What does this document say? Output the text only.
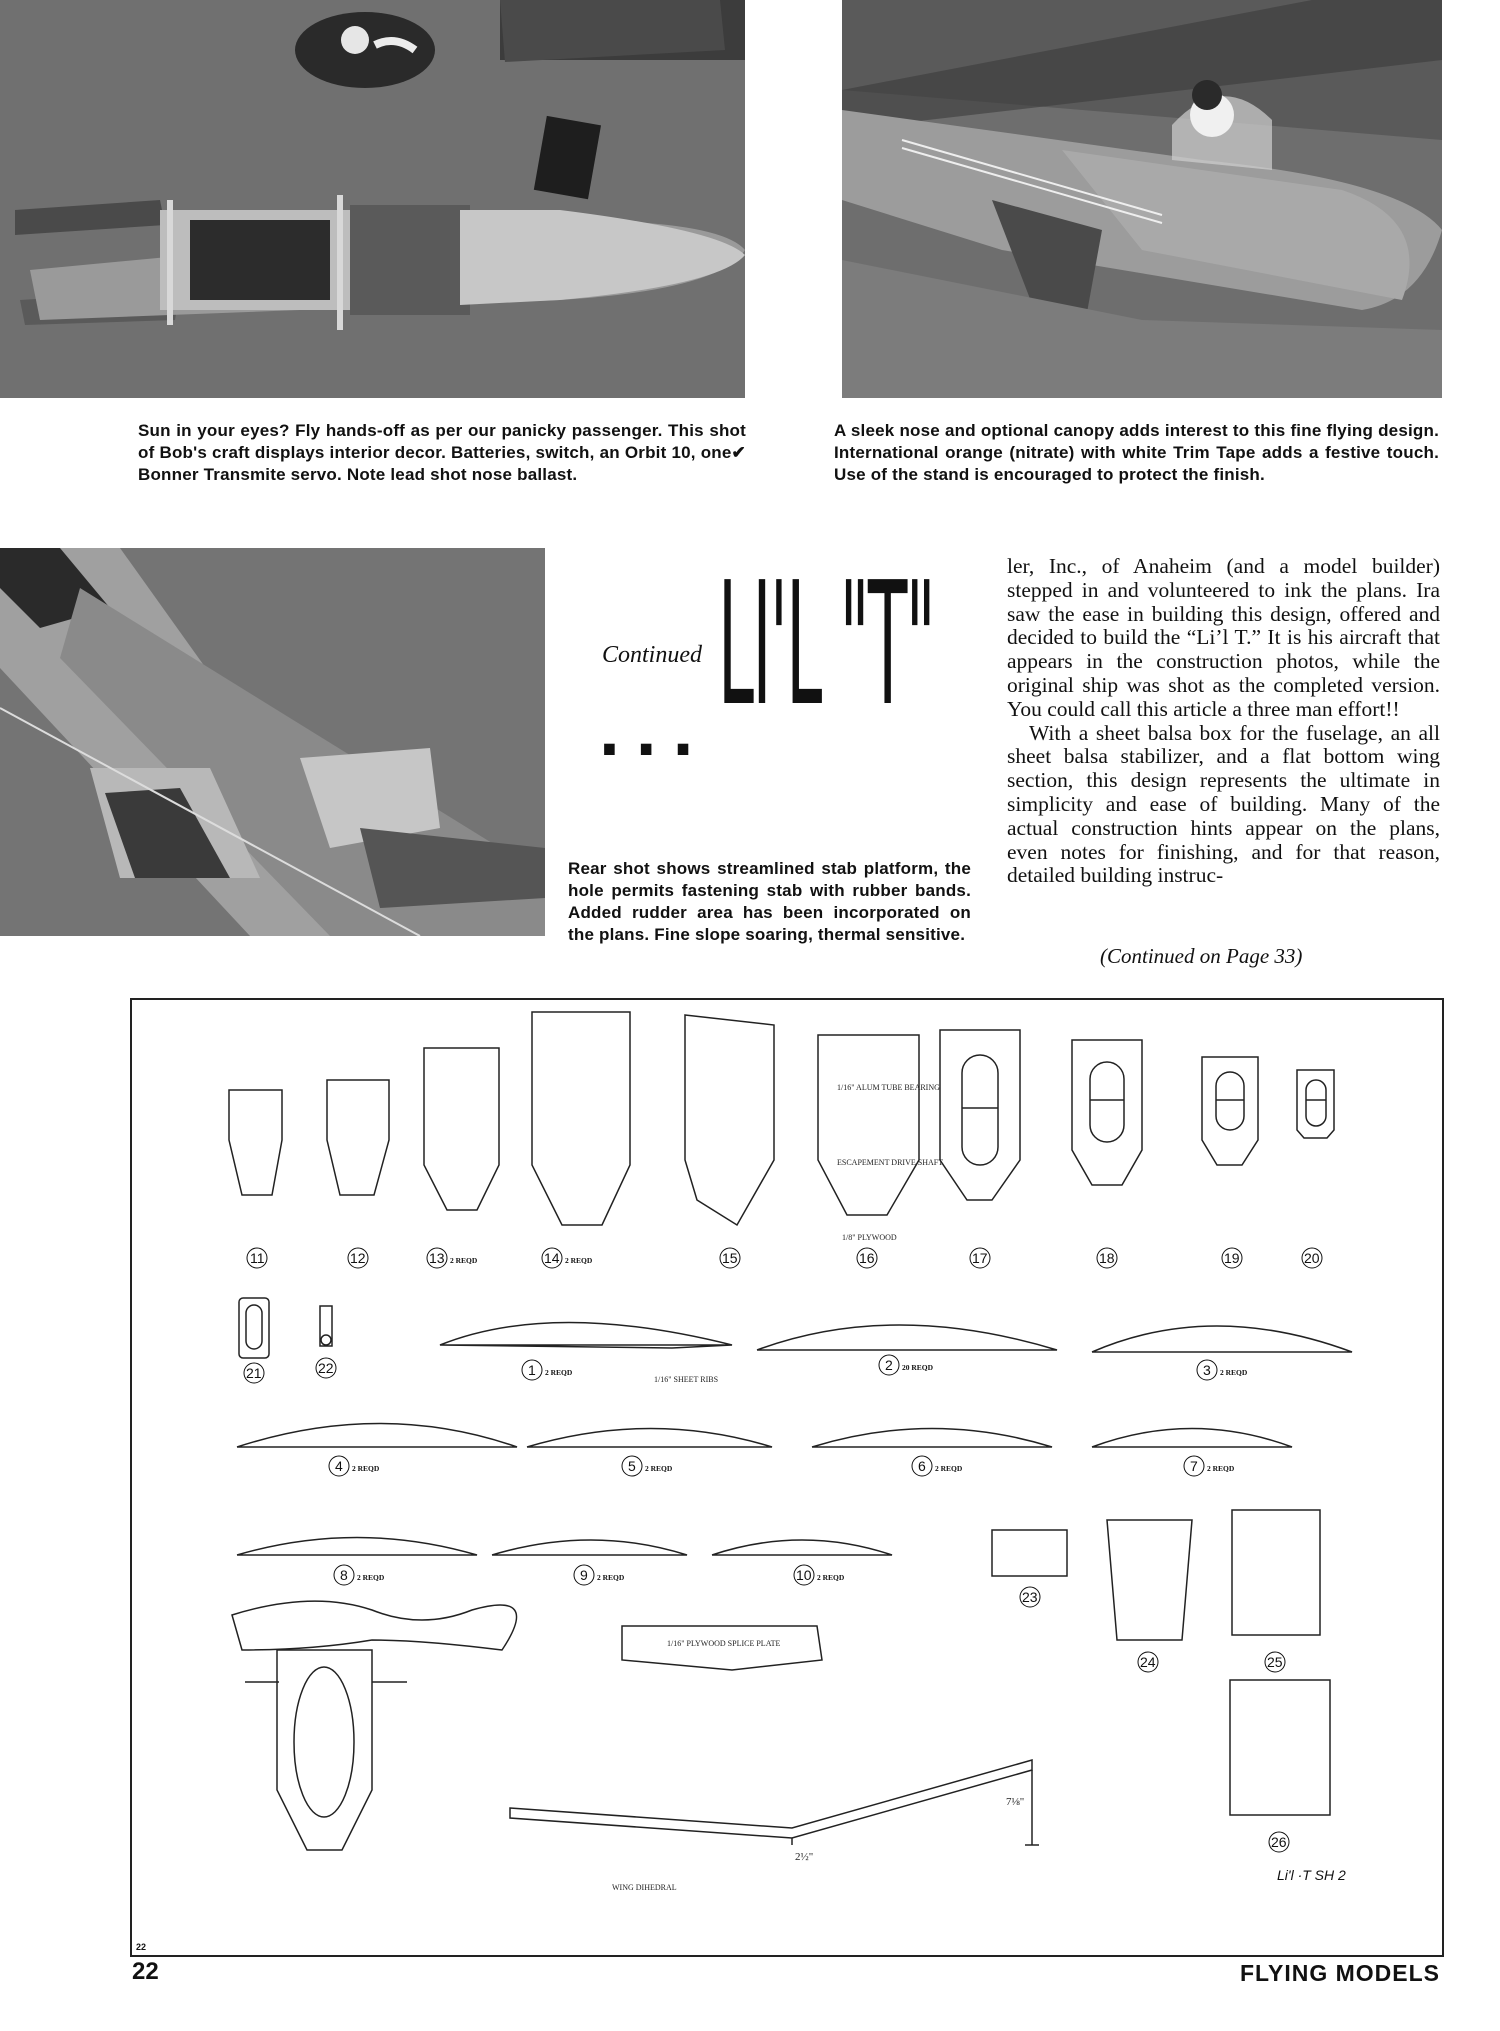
Sun in your eyes? Fly hands-off as per our panicky passenger. This shot of Bob's craft displays interior decor. Batteries, switch, an Orbit 10, one✔ Bonner Transmite servo. Note lead shot nose ballast.

A sleek nose and optional canopy adds interest to this fine flying design. International orange (nitrate) with white Trim Tape adds a festive touch. Use of the stand is encouraged to protect the finish.

Continued LI'L "T"
...

Rear shot shows streamlined stab platform, the hole permits fastening stab with rubber bands. Added rudder area has been incorporated on the plans. Fine slope soaring, thermal sensitive.

ler, Inc., of Anaheim (and a model builder) stepped in and volunteered to ink the plans. Ira saw the ease in building this design, offered and decided to build the “Li’l T.” It is his aircraft that appears in the construction photos, while the original ship was shot as the completed version. You could call this article a three man effort!!

With a sheet balsa box for the fuselage, an all sheet balsa stabilizer, and a flat bottom wing section, this design represents the ultimate in simplicity and ease of building. Many of the actual construction hints appear on the plans, even notes for finishing, and for that reason, detailed building instruc-

(Continued on Page 33)
1/16" ALUM TUBE BEARING
ESCAPEMENT DRIVE SHAFT
1/8" PLYWOOD
1/16" SHEET RIBS
1/16" PLYWOOD SPLICE PLATE
WING DIHEDRAL
7⅛"
2½"
11	12	13 2 REQD	14 2 REQD	15	16	17	18	19	20
21	22	1 2 REQD	2 20 REQD	3 2 REQD
4 2 REQD	5 2 REQD	6 2 REQD	7 2 REQD
8 2 REQD	9 2 REQD	10 2 REQD
23
24	25
26
Li'l ·T SH 2
22
22	FLYING MODELS
